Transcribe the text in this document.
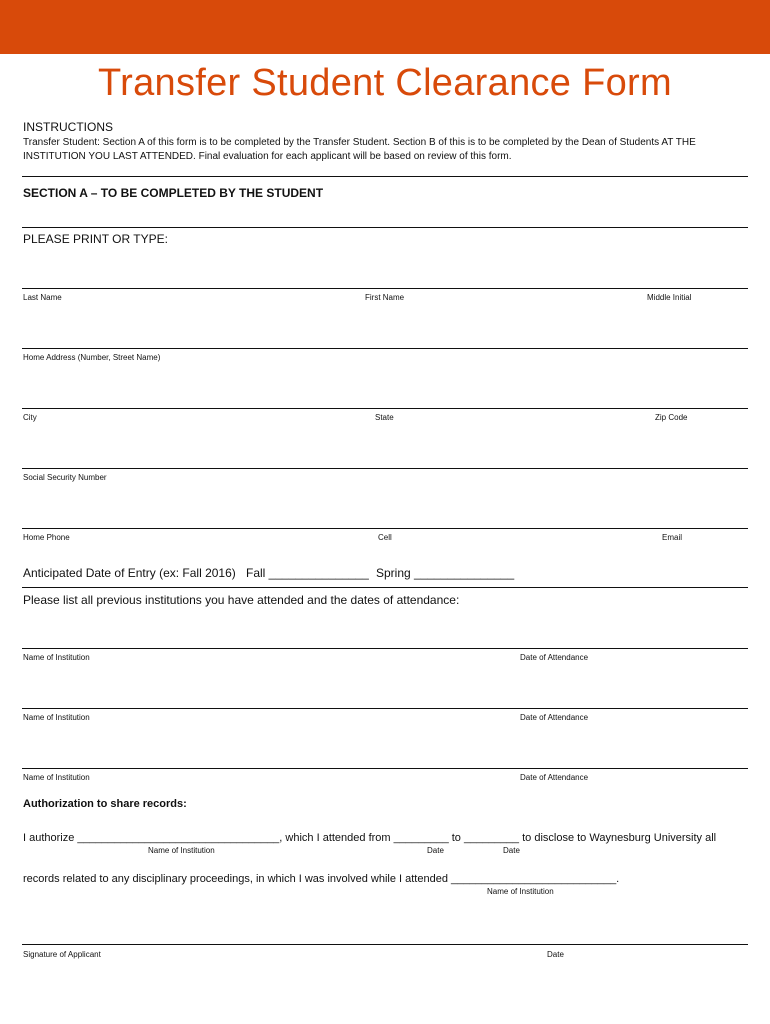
Transfer Student Clearance Form
INSTRUCTIONS
Transfer Student: Section A of this form is to be completed by the Transfer Student. Section B of this is to be completed by the Dean of Students AT THE INSTITUTION YOU LAST ATTENDED. Final evaluation for each applicant will be based on review of this form.
SECTION A – TO BE COMPLETED BY THE STUDENT
PLEASE PRINT OR TYPE:
Last Name	First Name	Middle Initial
Home Address (Number, Street Name)
City	State	Zip Code
Social Security Number
Home Phone	Cell	Email
Anticipated Date of Entry (ex: Fall 2016) Fall _______________ Spring _______________
Please list all previous institutions you have attended and the dates of attendance:
Name of Institution	Date of Attendance
Name of Institution	Date of Attendance
Name of Institution	Date of Attendance
Authorization to share records:
I authorize _________________________________, which I attended from _________ to _________ to disclose to Waynesburg University all
Name of Institution	Date	Date
records related to any disciplinary proceedings, in which I was involved while I attended ___________________________.
Name of Institution
Signature of Applicant	Date
